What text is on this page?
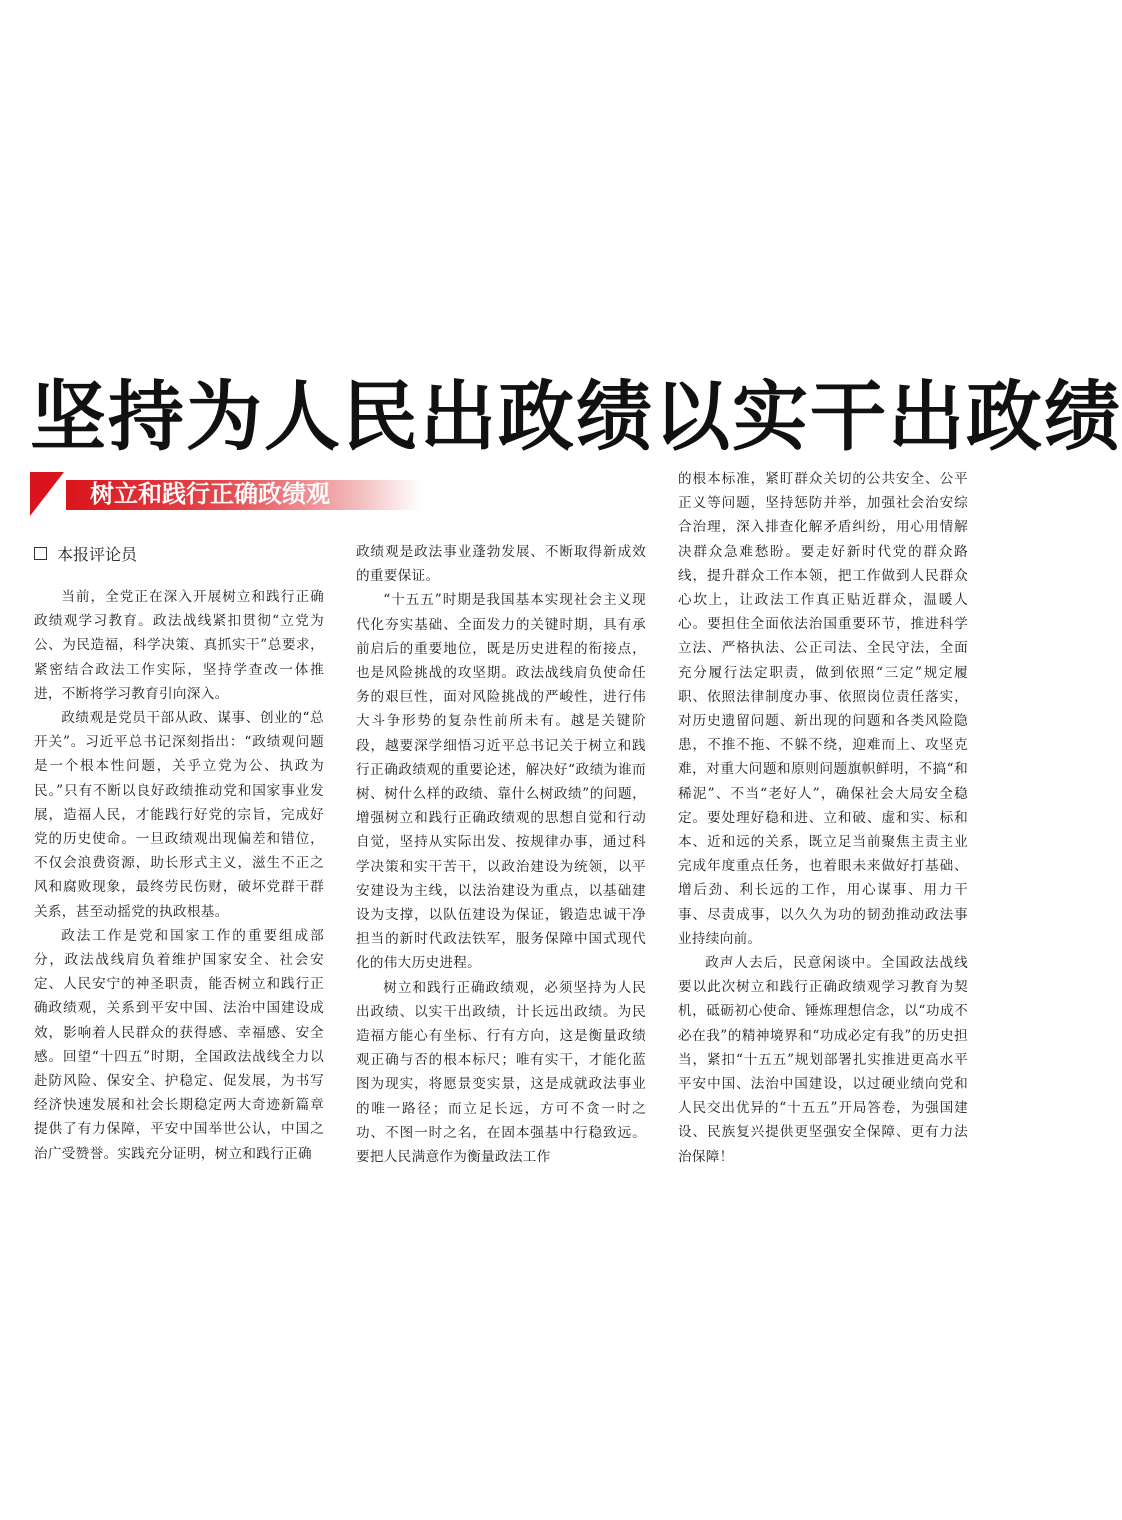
坚持为人民出政绩以实干出政绩
树立和践行正确政绩观
本报评论员

当前，全党正在深入开展树立和践行正确政绩观学习教育。政法战线紧扣贯彻“立党为公、为民造福，科学决策、真抓实干”总要求，紧密结合政法工作实际，坚持学查改一体推进，不断将学习教育引向深入。

政绩观是党员干部从政、谋事、创业的“总开关”。习近平总书记深刻指出：“政绩观问题是一个根本性问题，关乎立党为公、执政为民。”只有不断以良好政绩推动党和国家事业发展，造福人民，才能践行好党的宗旨，完成好党的历史使命。一旦政绩观出现偏差和错位，不仅会浪费资源，助长形式主义，滋生不正之风和腐败现象，最终劳民伤财，破坏党群干群关系，甚至动摇党的执政根基。

政法工作是党和国家工作的重要组成部分，政法战线肩负着维护国家安全、社会安定、人民安宁的神圣职责，能否树立和践行正确政绩观，关系到平安中国、法治中国建设成效，影响着人民群众的获得感、幸福感、安全感。回望“十四五”时期，全国政法战线全力以赴防风险、保安全、护稳定、促发展，为书写经济快速发展和社会长期稳定两大奇迹新篇章提供了有力保障，平安中国举世公认，中国之治广受赞誉。实践充分证明，树立和践行正确

政绩观是政法事业蓬勃发展、不断取得新成效的重要保证。

“十五五”时期是我国基本实现社会主义现代化夯实基础、全面发力的关键时期，具有承前启后的重要地位，既是历史进程的衔接点，也是风险挑战的攻坚期。政法战线肩负使命任务的艰巨性，面对风险挑战的严峻性，进行伟大斗争形势的复杂性前所未有。越是关键阶段，越要深学细悟习近平总书记关于树立和践行正确政绩观的重要论述，解决好“政绩为谁而树、树什么样的政绩、靠什么树政绩”的问题，增强树立和践行正确政绩观的思想自觉和行动自觉，坚持从实际出发、按规律办事，通过科学决策和实干苦干，以政治建设为统领，以平安建设为主线，以法治建设为重点，以基础建设为支撑，以队伍建设为保证，锻造忠诚干净担当的新时代政法铁军，服务保障中国式现代化的伟大历史进程。

树立和践行正确政绩观，必须坚持为人民出政绩、以实干出政绩，计长远出政绩。为民造福方能心有坐标、行有方向，这是衡量政绩观正确与否的根本标尺；唯有实干，才能化蓝图为现实，将愿景变实景，这是成就政法事业的唯一路径；而立足长远，方可不贪一时之功、不图一时之名，在固本强基中行稳致远。要把人民满意作为衡量政法工作

的根本标准，紧盯群众关切的公共安全、公平正义等问题，坚持惩防并举，加强社会治安综合治理，深入排查化解矛盾纠纷，用心用情解决群众急难愁盼。要走好新时代党的群众路线，提升群众工作本领，把工作做到人民群众心坎上，让政法工作真正贴近群众，温暖人心。要担住全面依法治国重要环节，推进科学立法、严格执法、公正司法、全民守法，全面充分履行法定职责，做到依照“三定”规定履职、依照法律制度办事、依照岗位责任落实，对历史遗留问题、新出现的问题和各类风险隐患，不推不拖、不躲不绕，迎难而上、攻坚克难，对重大问题和原则问题旗帜鲜明，不搞“和稀泥”、不当“老好人”，确保社会大局安全稳定。要处理好稳和进、立和破、虚和实、标和本、近和远的关系，既立足当前聚焦主责主业完成年度重点任务，也着眼未来做好打基础、增后劲、利长远的工作，用心谋事、用力干事、尽责成事，以久久为功的韧劲推动政法事业持续向前。

政声人去后，民意闲谈中。全国政法战线要以此次树立和践行正确政绩观学习教育为契机，砥砺初心使命、锤炼理想信念，以“功成不必在我”的精神境界和“功成必定有我”的历史担当，紧扣“十五五”规划部署扎实推进更高水平平安中国、法治中国建设，以过硬业绩向党和人民交出优异的“十五五”开局答卷，为强国建设、民族复兴提供更坚强安全保障、更有力法治保障！
